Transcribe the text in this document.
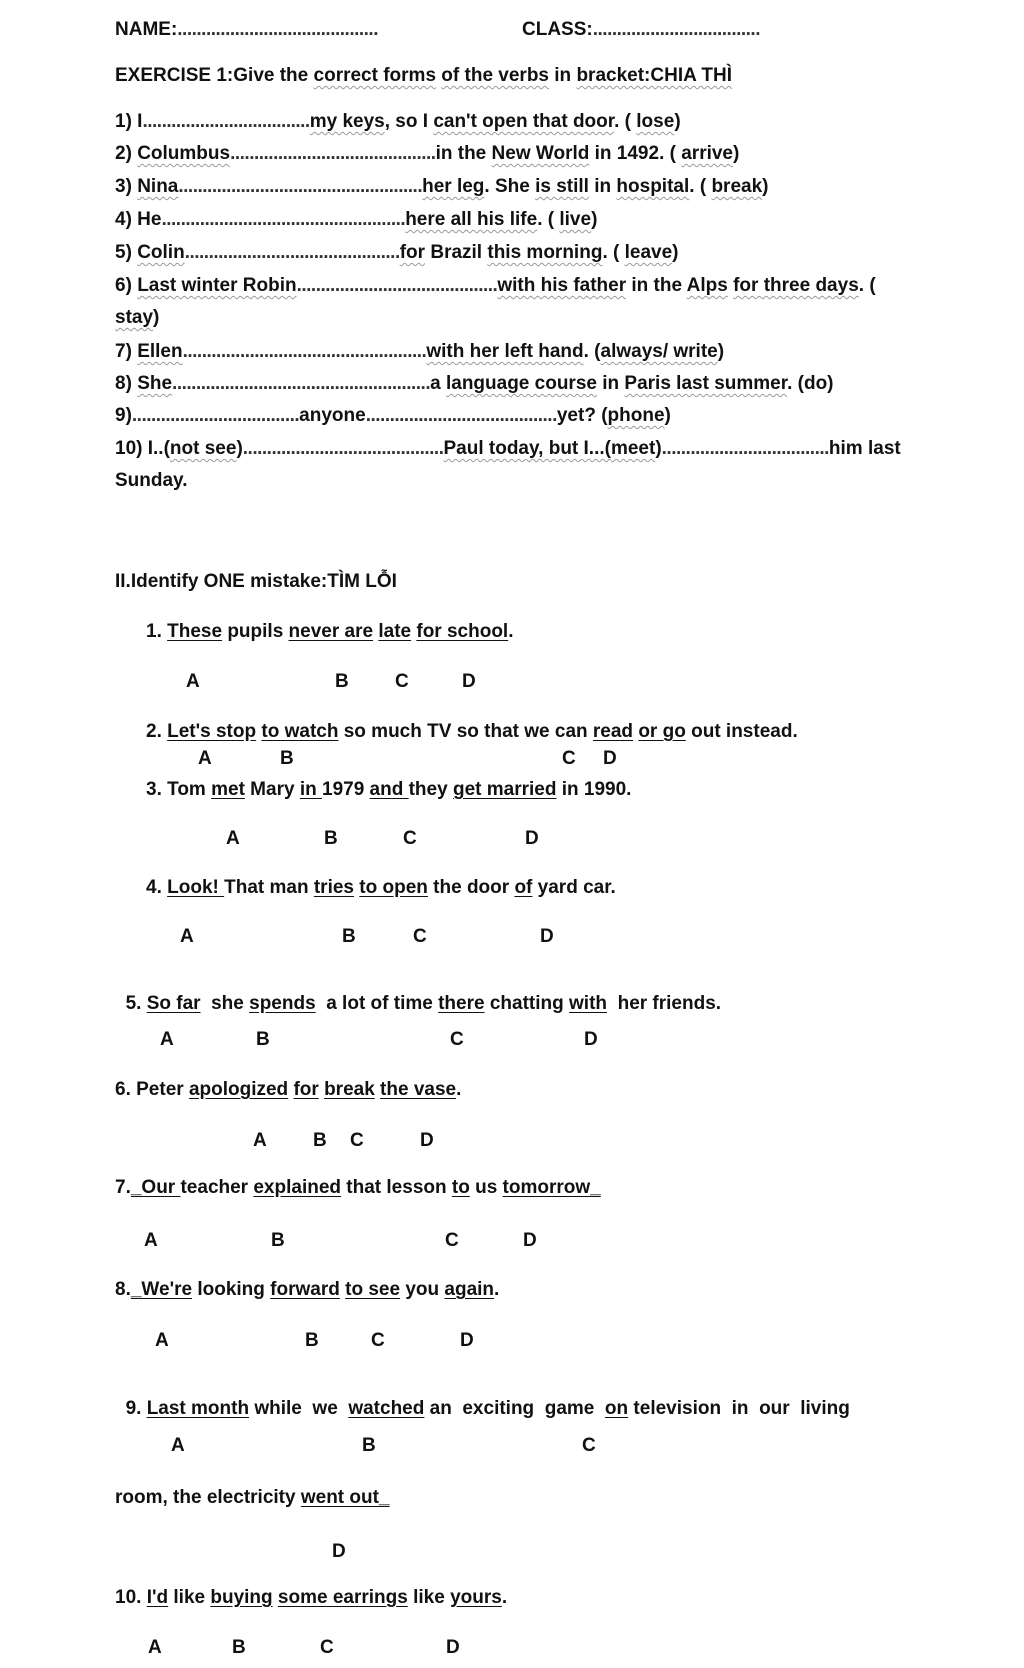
NAME:..........................................	CLASS:...................................
EXERCISE 1:Give the correct forms of the verbs in bracket:CHIA THÌ
1) I...................................my keys, so I can't open that door. ( lose)
2) Columbus...........................................in the New World in 1492. ( arrive)
3) Nina...................................................her leg. She is still in hospital. ( break)
4) He...................................................here all his life. ( live)
5) Colin.............................................for Brazil this morning. ( leave)
6) Last winter Robin..........................................with his father in the Alps for three days. (
stay)
7) Ellen...................................................with her left hand. (always/ write)
8) She......................................................a language course in Paris last summer. (do)
9)...................................anyone........................................yet? (phone)
10) I..(not see)..........................................Paul today, but I...(meet)...................................him last
Sunday.
II.Identify ONE mistake:TÌM LỖI
1. These pupils never are late for school.
A	B C	D
2. Let's stop to watch so much TV so that we can read or go out instead.
A	B	C D
3. Tom met Mary in 1979 and they get married in 1990.
A	B	C	D
4. Look! That man tries to open the door of yard car.
A	B	C	D

5. So far  she spends  a lot of time there chatting with  her friends.

A	B	C	D
6. Peter apologized for break the vase.
A B C	D
7._Our teacher explained that lesson to us tomorrow_
A	B	C	D
8._We're looking forward to see you again.
A	B	C	D

9. Last month while  we  watched an  exciting  game  on television  in  our  living

A	B	C
room, the electricity went out_
D
10. I'd like buying some earrings like yours.
A	B	C	D
